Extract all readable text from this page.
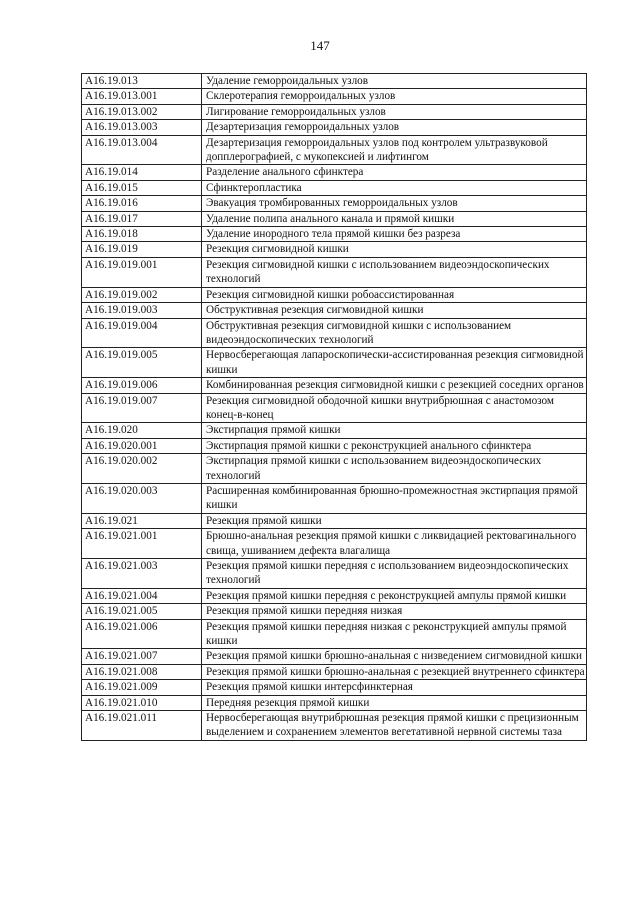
147
A16.19.013	Удаление геморроидальных узлов
A16.19.013.001	Склеротерапия геморроидальных узлов
A16.19.013.002	Лигирование геморроидальных узлов
A16.19.013.003	Дезартеризация геморроидальных узлов
A16.19.013.004	Дезартеризация геморроидальных узлов под контролем ультразвуковой допплерографией, с мукопексией и лифтингом
A16.19.014	Разделение анального сфинктера
A16.19.015	Сфинктеропластика
A16.19.016	Эвакуация тромбированных геморроидальных узлов
A16.19.017	Удаление полипа анального канала и прямой кишки
A16.19.018	Удаление инородного тела прямой кишки без разреза
A16.19.019	Резекция сигмовидной кишки
A16.19.019.001	Резекция сигмовидной кишки с использованием видеоэндоскопических технологий
A16.19.019.002	Резекция сигмовидной кишки робоассистированная
A16.19.019.003	Обструктивная резекция сигмовидной кишки
A16.19.019.004	Обструктивная резекция сигмовидной кишки с использованием видеоэндоскопических технологий
A16.19.019.005	Нервосберегающая лапароскопически-ассистированная резекция сигмовидной кишки
A16.19.019.006	Комбинированная резекция сигмовидной кишки с резекцией соседних органов
A16.19.019.007	Резекция сигмовидной ободочной кишки внутрибрюшная с анастомозом конец-в-конец
A16.19.020	Экстирпация прямой кишки
A16.19.020.001	Экстирпация прямой кишки с реконструкцией анального сфинктера
A16.19.020.002	Экстирпация прямой кишки с использованием видеоэндоскопических технологий
A16.19.020.003	Расширенная комбинированная брюшно-промежностная экстирпация прямой кишки
A16.19.021	Резекция прямой кишки
A16.19.021.001	Брюшно-анальная резекция прямой кишки с ликвидацией ректовагинального свища, ушиванием дефекта влагалища
A16.19.021.003	Резекция прямой кишки передняя с использованием видеоэндоскопических технологий
A16.19.021.004	Резекция прямой кишки передняя с реконструкцией ампулы прямой кишки
A16.19.021.005	Резекция прямой кишки передняя низкая
A16.19.021.006	Резекция прямой кишки передняя низкая с реконструкцией ампулы прямой кишки
A16.19.021.007	Резекция прямой кишки брюшно-анальная с низведением сигмовидной кишки
A16.19.021.008	Резекция прямой кишки брюшно-анальная с резекцией внутреннего сфинктера
A16.19.021.009	Резекция прямой кишки интерсфинктерная
A16.19.021.010	Передняя резекция прямой кишки
A16.19.021.011	Нервосберегающая внутрибрюшная резекция прямой кишки с прецизионным выделением и сохранением элементов вегетативной нервной системы таза
